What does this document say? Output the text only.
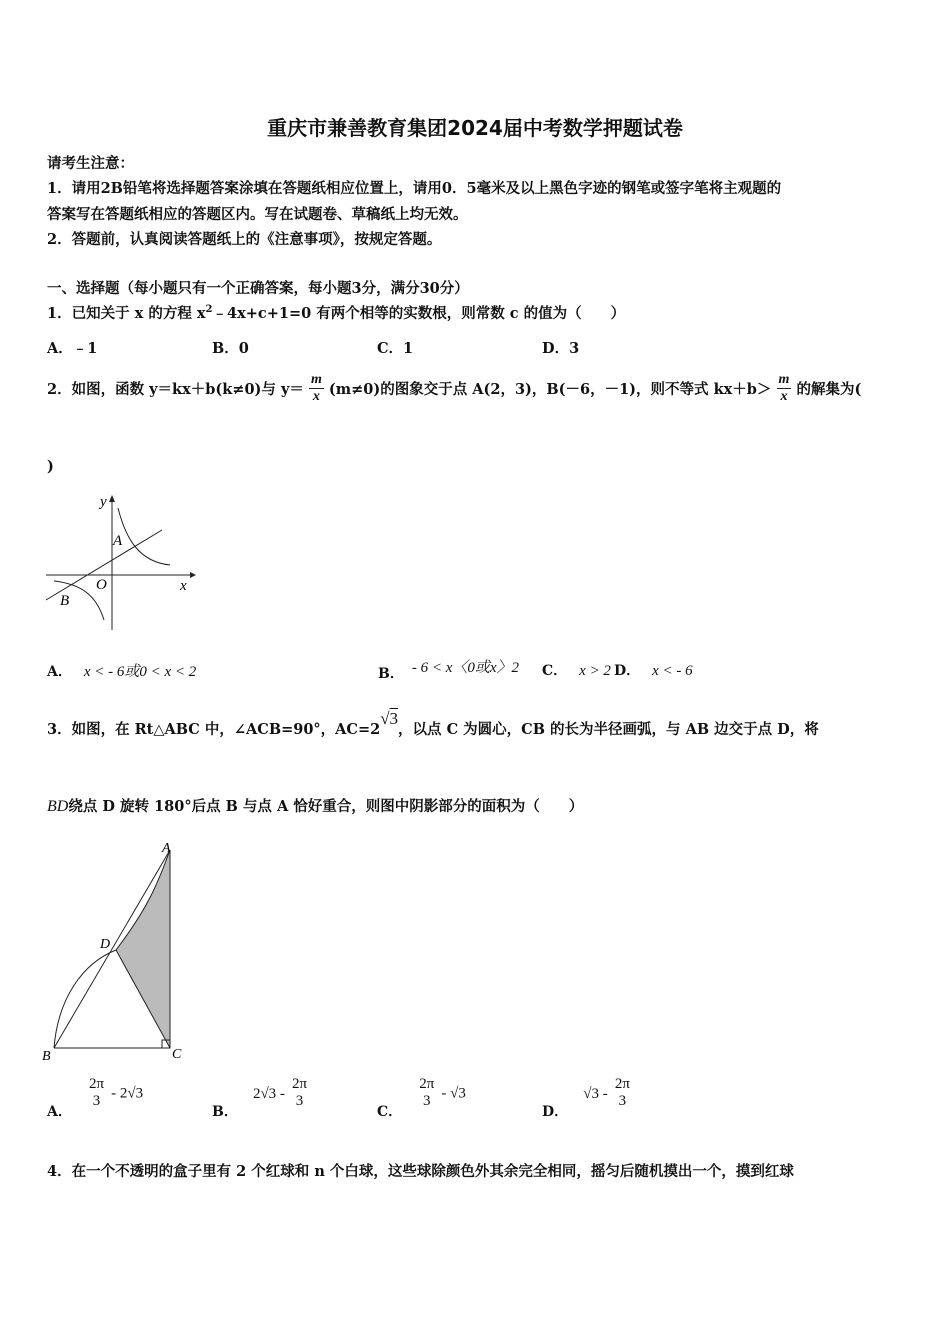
重庆市兼善教育集团2024届中考数学押题试卷
请考生注意：
1．请用2B铅笔将选择题答案涂填在答题纸相应位置上，请用0．5毫米及以上黑色字迹的钢笔或签字笔将主观题的
答案写在答题纸相应的答题区内。写在试题卷、草稿纸上均无效。
2．答题前，认真阅读答题纸上的《注意事项》，按规定答题。
一、选择题（每小题只有一个正确答案，每小题3分，满分30分）
1．已知关于 x 的方程 $x^2﹣4x+c+1=0$ 有两个相等的实数根，则常数 c 的值为（　　）
A．﹣1	B．0	C．1	D．3
2．如图，函数 y＝kx＋b(k≠0)与 $y= \frac{m}{x} (m\ne 0)$的图象交于点 A(2，3)，B(－6，－1)，则不等式 $kx+b> \frac{m}{x}$ 的解集为(
)
y
x
O
A
B
A． x < - 6或0 < x < 2	B． - 6 < x〈0或x〉2 C． x > 2 D． x < - 6
3．如图，在 Rt△ABC 中，∠ACB=90°，AC=2√3，以点 C 为圆心，CB 的长为半径画弧，与 AB 边交于点 D，将
BD绕点 D 旋转 180°后点 B 与点 A 恰好重合，则图中阴影部分的面积为（　　）
A
B	C
D
A．
2π
3 - 2√3
B． 2√3 -
2π
3
C．
2π
3 - √3
D． √3 -
2π
3
4．在一个不透明的盒子里有 2 个红球和 n 个白球，这些球除颜色外其余完全相同，摇匀后随机摸出一个，摸到红球
